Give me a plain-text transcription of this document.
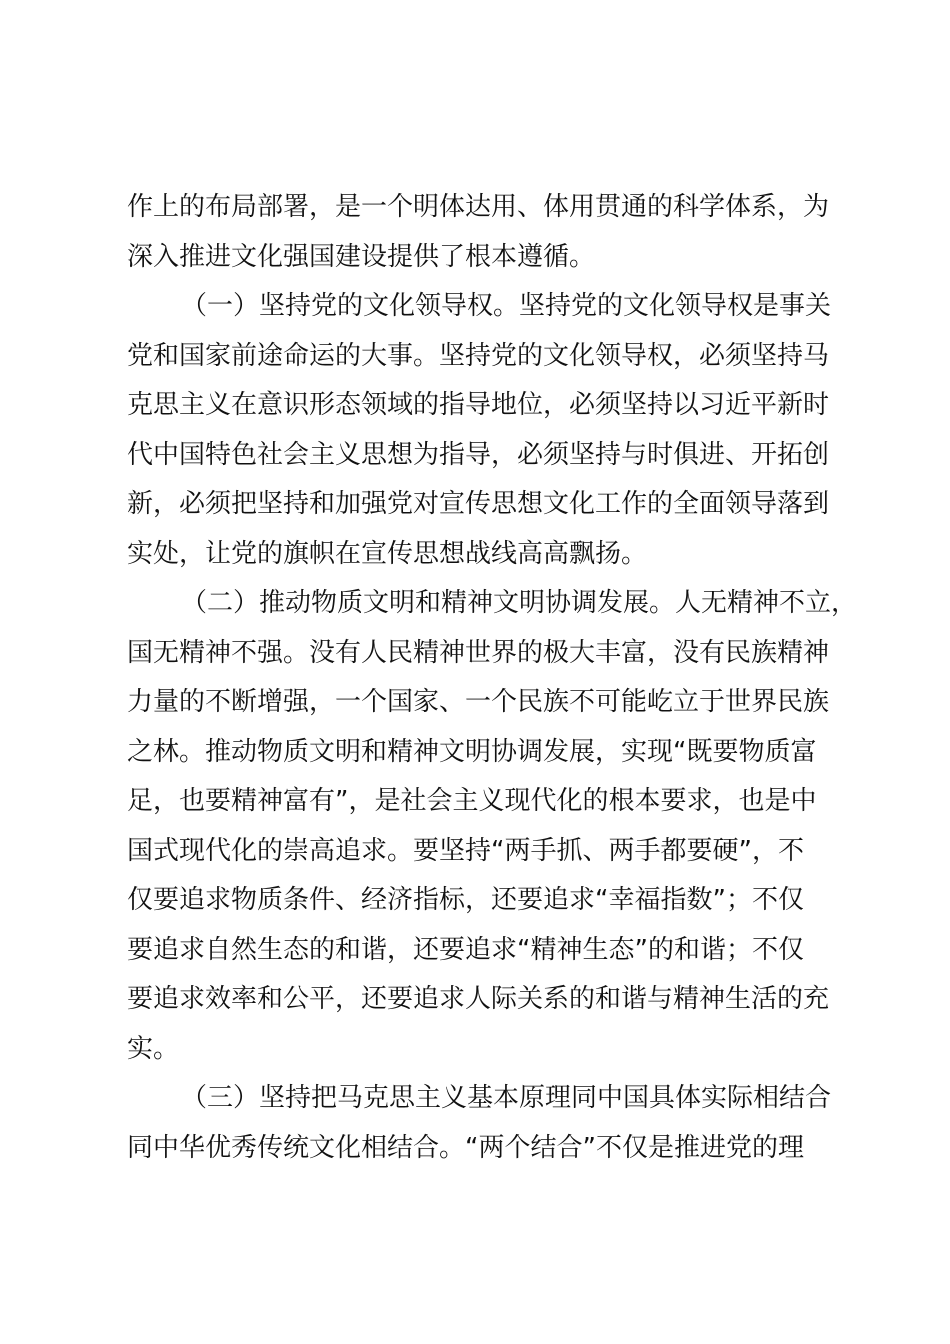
作上的布局部署，是一个明体达用、体用贯通的科学体系，为
深入推进文化强国建设提供了根本遵循。
（一）坚持党的文化领导权。坚持党的文化领导权是事关
党和国家前途命运的大事。坚持党的文化领导权，必须坚持马
克思主义在意识形态领域的指导地位，必须坚持以习近平新时
代中国特色社会主义思想为指导，必须坚持与时俱进、开拓创
新，必须把坚持和加强党对宣传思想文化工作的全面领导落到
实处，让党的旗帜在宣传思想战线高高飘扬。
（二）推动物质文明和精神文明协调发展。人无精神不立，
国无精神不强。没有人民精神世界的极大丰富，没有民族精神
力量的不断增强，一个国家、一个民族不可能屹立于世界民族
之林。推动物质文明和精神文明协调发展，实现“既要物质富
足，也要精神富有”，是社会主义现代化的根本要求，也是中
国式现代化的崇高追求。要坚持“两手抓、两手都要硬”，不
仅要追求物质条件、经济指标，还要追求“幸福指数”；不仅
要追求自然生态的和谐，还要追求“精神生态”的和谐；不仅
要追求效率和公平，还要追求人际关系的和谐与精神生活的充
实。
（三）坚持把马克思主义基本原理同中国具体实际相结合
同中华优秀传统文化相结合。“两个结合”不仅是推进党的理
